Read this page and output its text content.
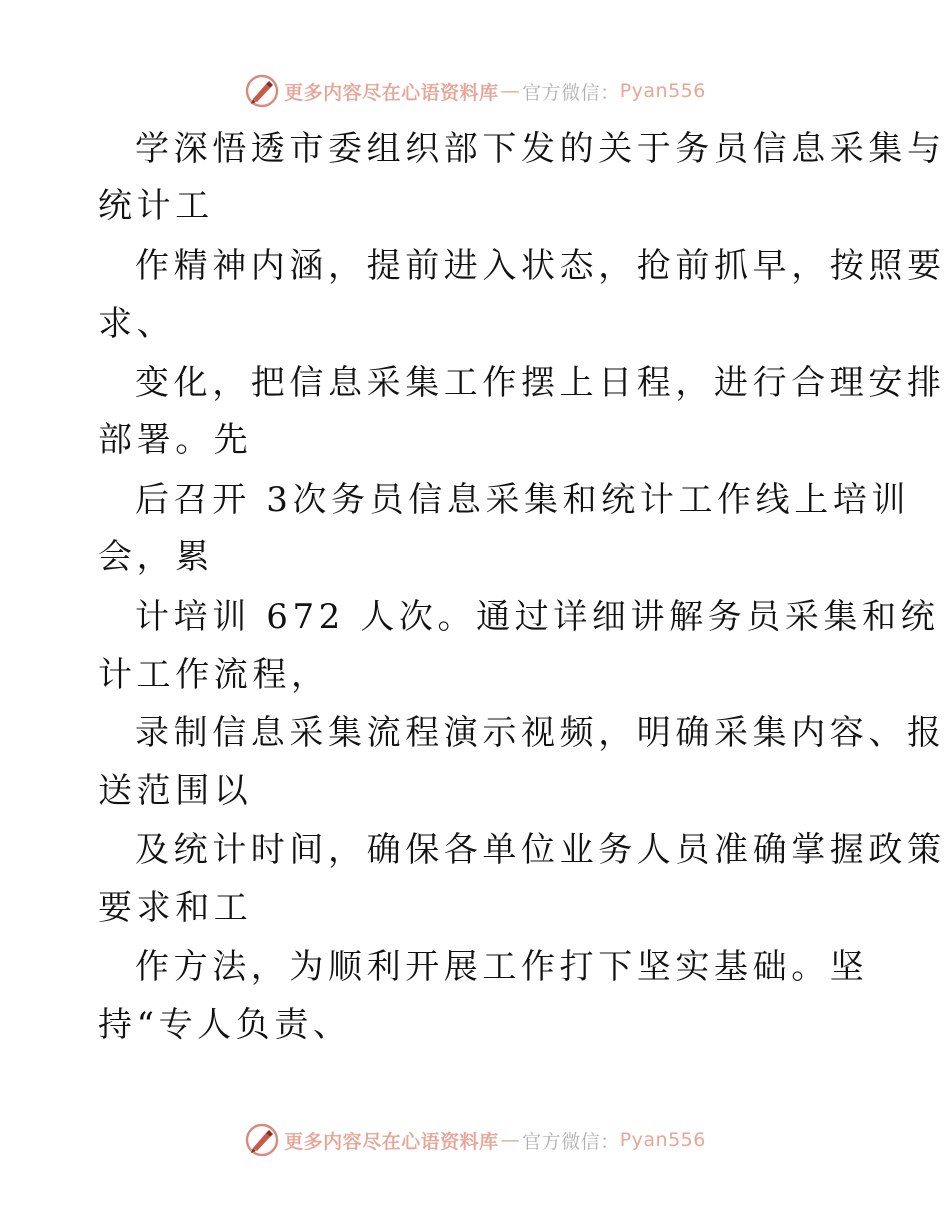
更多内容尽在心语资料库 — 官方微信： Pyan556
学深悟透市委组织部下发的关于务员信息采集与
统计工
作精神内涵，提前进入状态，抢前抓早，按照要
求、
变化，把信息采集工作摆上日程，进行合理安排
部署。先
后召开 3次务员信息采集和统计工作线上培训
会，累
计培训 672 人次。通过详细讲解务员采集和统
计工作流程，
录制信息采集流程演示视频，明确采集内容、报
送范围以
及统计时间，确保各单位业务人员准确掌握政策
要求和工
作方法，为顺利开展工作打下坚实基础。坚
持“专人负责、
更多内容尽在心语资料库 — 官方微信： Pyan556
